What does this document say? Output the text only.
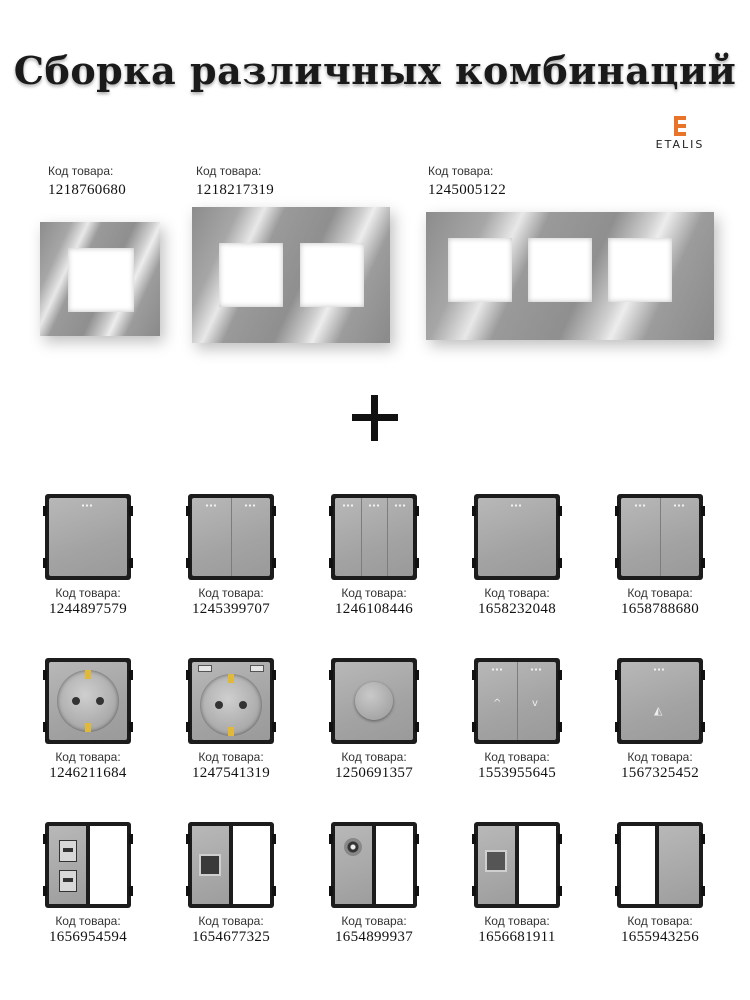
Сборка различных комбинаций
ETALIS
Код товара:
1218760680
Код товара:
1218217319
Код товара:
1245005122
Код товара:
1244897579
Код товара:
1245399707
Код товара:
1246108446
Код товара:
1658232048
Код товара:
1658788680
Код товара:
1246211684
Код товара:
1247541319
Код товара:
1250691357
^	v
Код товара:
1553955645
◭
Код товара:
1567325452
Код товара:
1656954594
Код товара:
1654677325
Код товара:
1654899937
Код товара:
1656681911
Код товара:
1655943256
